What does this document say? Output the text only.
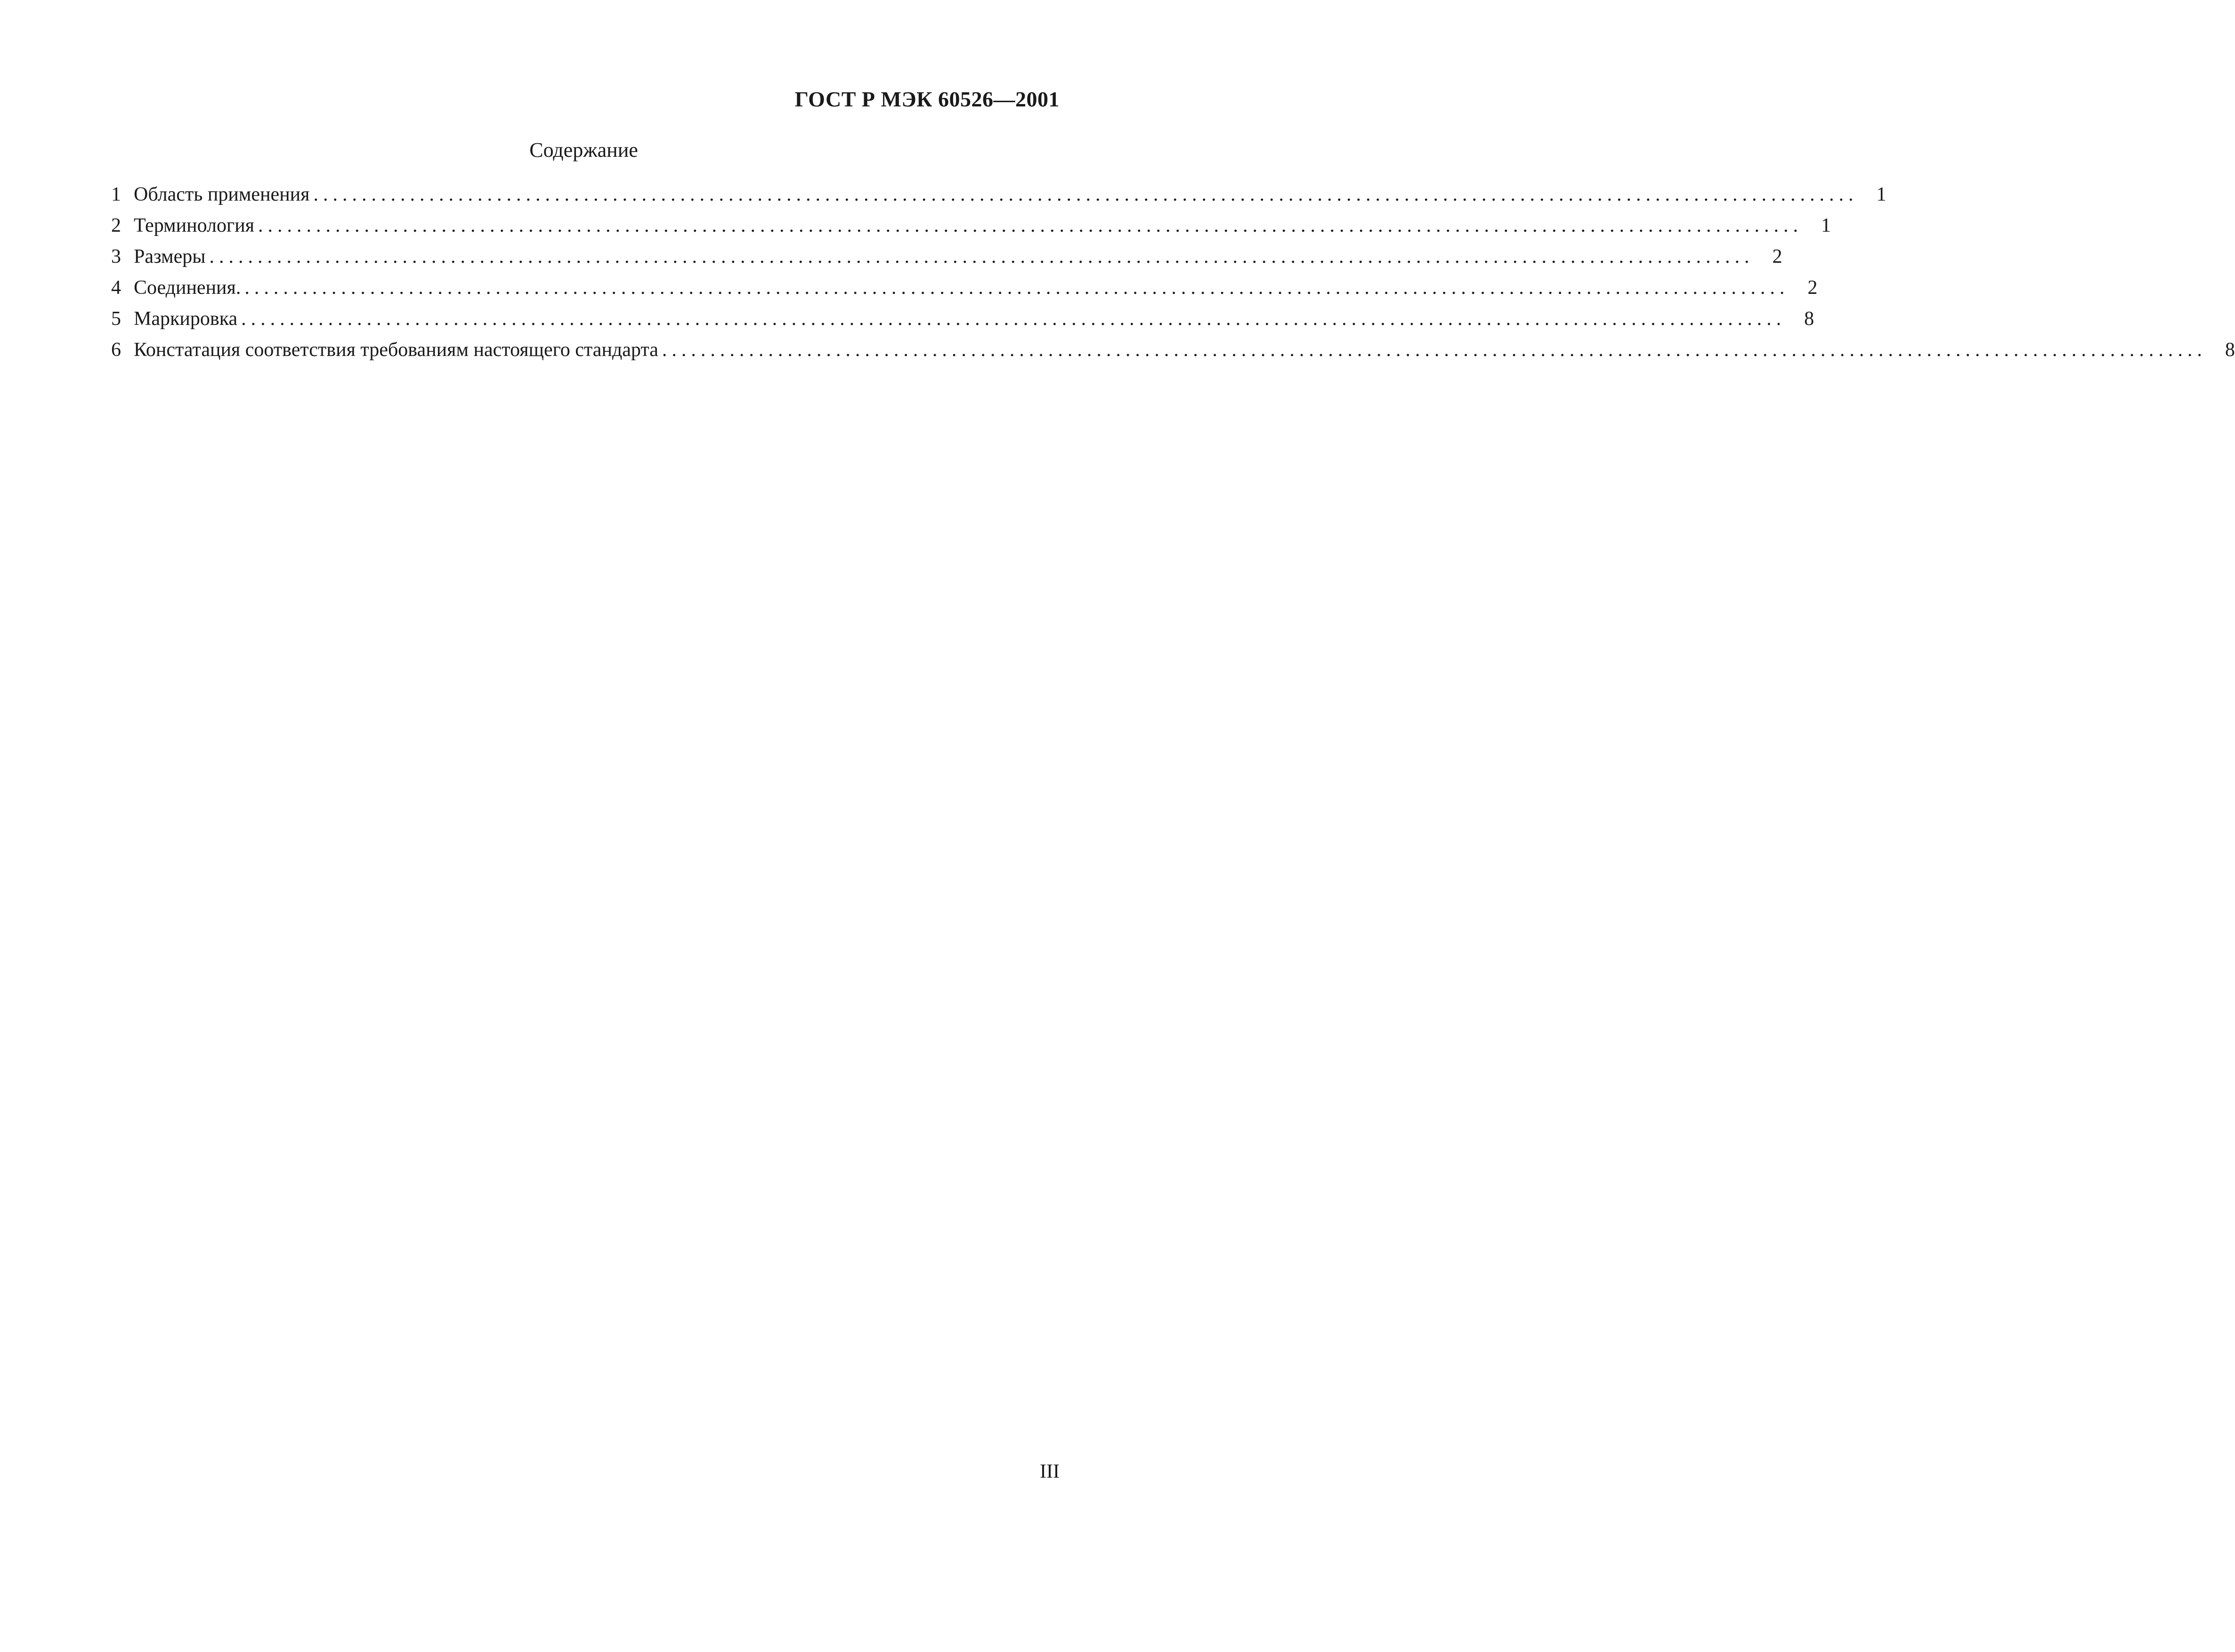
ГОСТ Р МЭК 60526—2001
Содержание
1 Область применения ................................................................................................................................................................ 1
2 Терминология ................................................................................................................................................................ 1
3 Размеры ................................................................................................................................................................ 2
4 Соединения. ................................................................................................................................................................ 2
5 Маркировка ................................................................................................................................................................ 8
6 Констатация соответствия требованиям настоящего стандарта ................................................................................................................................................................ 8
III
